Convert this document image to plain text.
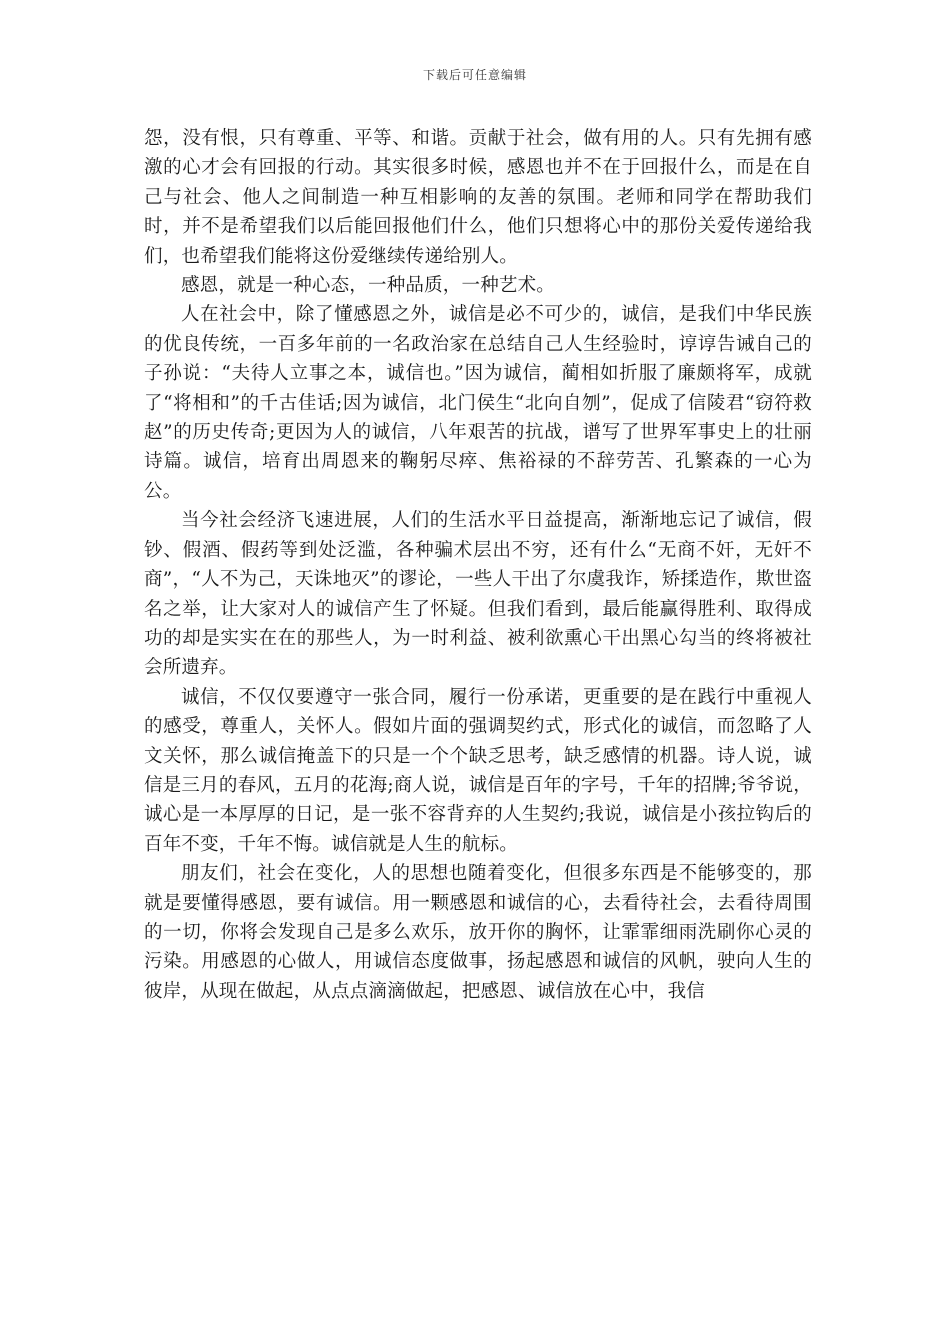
下载后可任意编辑

怨，没有恨，只有尊重、平等、和谐。贡献于社会，做有用的人。只有先拥有感激的心才会有回报的行动。其实很多时候，感恩也并不在于回报什么，而是在自己与社会、他人之间制造一种互相影响的友善的氛围。老师和同学在帮助我们时，并不是希望我们以后能回报他们什么，他们只想将心中的那份关爱传递给我们，也希望我们能将这份爱继续传递给别人。

感恩，就是一种心态，一种品质，一种艺术。

人在社会中，除了懂感恩之外，诚信是必不可少的，诚信，是我们中华民族的优良传统，一百多年前的一名政治家在总结自己人生经验时，谆谆告诫自己的子孙说：“夫待人立事之本，诚信也。”因为诚信，蔺相如折服了廉颇将军，成就了“将相和”的千古佳话;因为诚信，北门侯生“北向自刎”，促成了信陵君“窃符救赵”的历史传奇;更因为人的诚信，八年艰苦的抗战，谱写了世界军事史上的壮丽诗篇。诚信，培育出周恩来的鞠躬尽瘁、焦裕禄的不辞劳苦、孔繁森的一心为公。

当今社会经济飞速进展，人们的生活水平日益提高，渐渐地忘记了诚信，假钞、假酒、假药等到处泛滥，各种骗术层出不穷，还有什么“无商不奸，无奸不商”，“人不为己，天诛地灭”的谬论，一些人干出了尔虞我诈，矫揉造作，欺世盗名之举，让大家对人的诚信产生了怀疑。但我们看到，最后能赢得胜利、取得成功的却是实实在在的那些人，为一时利益、被利欲熏心干出黑心勾当的终将被社会所遗弃。

诚信，不仅仅要遵守一张合同，履行一份承诺，更重要的是在践行中重视人的感受，尊重人，关怀人。假如片面的强调契约式，形式化的诚信，而忽略了人文关怀，那么诚信掩盖下的只是一个个缺乏思考，缺乏感情的机器。诗人说，诚信是三月的春风，五月的花海;商人说，诚信是百年的字号，千年的招牌;爷爷说，诚心是一本厚厚的日记，是一张不容背弃的人生契约;我说，诚信是小孩拉钩后的百年不变，千年不悔。诚信就是人生的航标。

朋友们，社会在变化，人的思想也随着变化，但很多东西是不能够变的，那就是要懂得感恩，要有诚信。用一颗感恩和诚信的心，去看待社会，去看待周围的一切，你将会发现自己是多么欢乐，放开你的胸怀，让霏霏细雨洗刷你心灵的污染。用感恩的心做人，用诚信态度做事，扬起感恩和诚信的风帆，驶向人生的彼岸，从现在做起，从点点滴滴做起，把感恩、诚信放在心中，我信
